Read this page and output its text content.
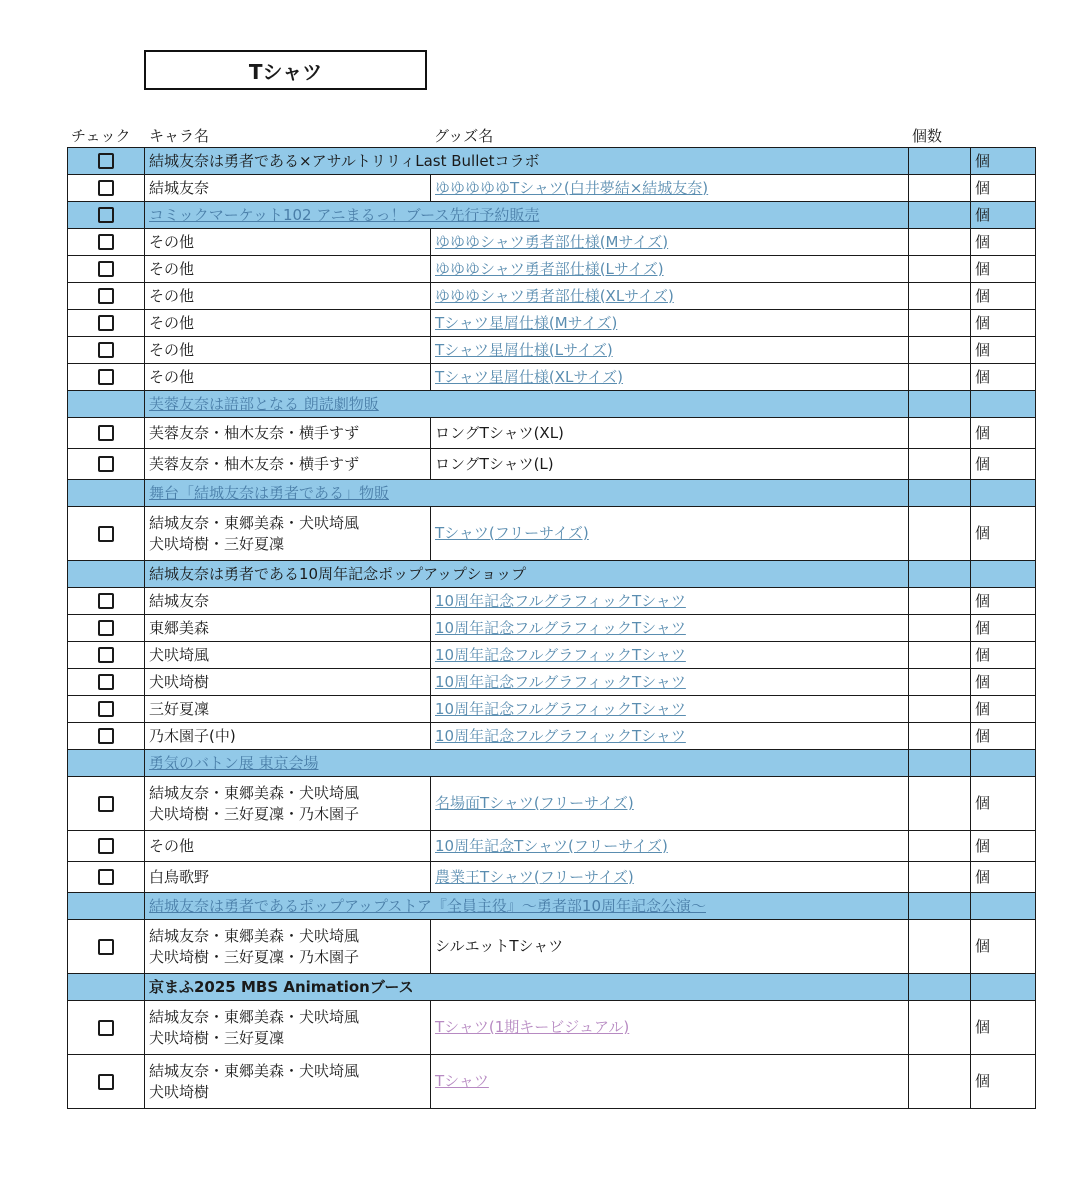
Tシャツ
チェック キャラ名	グッズ名	個数
	結城友奈は勇者である×アサルトリリィLast Bulletコラボ			個

	結城友奈	ゆゆゆゆゆTシャツ(白井夢結×結城友奈)		個
	コミックマーケット102 アニまるっ！ブース先行予約販売			個

	その他	ゆゆゆシャツ勇者部仕様(Mサイズ)		個

	その他	ゆゆゆシャツ勇者部仕様(Lサイズ)		個

	その他	ゆゆゆシャツ勇者部仕様(XLサイズ)		個

	その他	Tシャツ星屑仕様(Mサイズ)		個

	その他	Tシャツ星屑仕様(Lサイズ)		個

	その他	Tシャツ星屑仕様(XLサイズ)		個
	芙蓉友奈は語部となる 朗読劇物販			

	芙蓉友奈・柚木友奈・横手すず	ロングTシャツ(XL)		個

	芙蓉友奈・柚木友奈・横手すず	ロングTシャツ(L)		個
	舞台「結城友奈は勇者である」物販			

	結城友奈・東郷美森・犬吠埼風
犬吠埼樹・三好夏凜	Tシャツ(フリーサイズ)		個
	結城友奈は勇者である10周年記念ポップアップショップ			

	結城友奈	10周年記念フルグラフィックTシャツ		個

	東郷美森	10周年記念フルグラフィックTシャツ		個

	犬吠埼風	10周年記念フルグラフィックTシャツ		個

	犬吠埼樹	10周年記念フルグラフィックTシャツ		個

	三好夏凜	10周年記念フルグラフィックTシャツ		個

	乃木園子(中)	10周年記念フルグラフィックTシャツ		個
	勇気のバトン展 東京会場			

	結城友奈・東郷美森・犬吠埼風
犬吠埼樹・三好夏凜・乃木園子	名場面Tシャツ(フリーサイズ)		個

	その他	10周年記念Tシャツ(フリーサイズ)		個

	白鳥歌野	農業王Tシャツ(フリーサイズ)		個
	結城友奈は勇者であるポップアップストア『全員主役』～勇者部10周年記念公演～			

	結城友奈・東郷美森・犬吠埼風
犬吠埼樹・三好夏凜・乃木園子	シルエットTシャツ		個
	京まふ2025 MBS Animationブース			

	結城友奈・東郷美森・犬吠埼風
犬吠埼樹・三好夏凜	Tシャツ(1期キービジュアル)		個

	結城友奈・東郷美森・犬吠埼風
犬吠埼樹	Tシャツ		個
